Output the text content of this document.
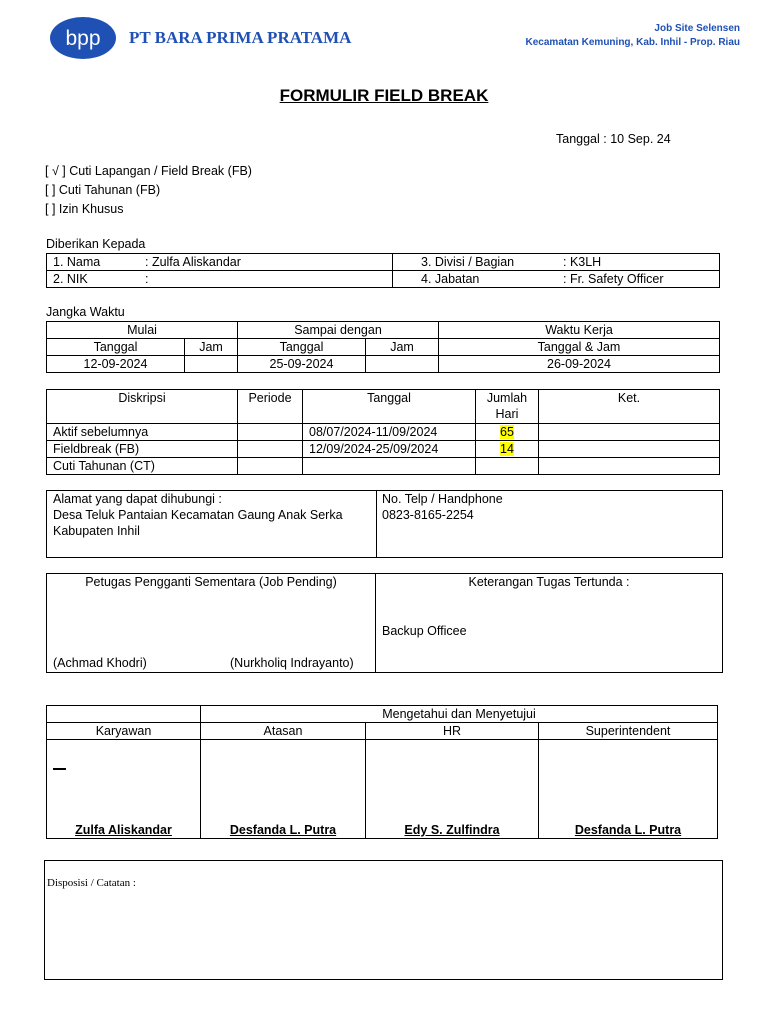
bpp PT BARA PRIMA PRATAMA	Job Site Selensen
Kecamatan Kemuning, Kab. Inhil - Prop. Riau
FORMULIR FIELD BREAK
Tanggal : 10 Sep. 24
[ √ ] Cuti Lapangan / Field Break (FB)
[ ] Cuti Tahunan (FB)
[ ] Izin Khusus
Diberikan Kepada
1. Nama : Zulfa Aliskandar	3. Divisi / Bagian : K3LH
2. NIK :	4. Jabatan : Fr. Safety Officer
Jangka Waktu
Mulai		Sampai dengan		Waktu Kerja
Tanggal	Jam	Tanggal	Jam	Tanggal & Jam
12-09-2024		25-09-2024		26-09-2024
Diskripsi	Periode	Tanggal	Jumlah Hari	Ket.
Aktif sebelumnya		08/07/2024-11/09/2024	65	
Fieldbreak (FB)		12/09/2024-25/09/2024	14	
Cuti Tahunan (CT)				
Alamat yang dapat dihubungi :
Desa Teluk Pantaian Kecamatan Gaung Anak Serka
Kabupaten Inhil
No. Telp / Handphone
0823-8165-2254
Petugas Pengganti Sementara (Job Pending)
(Achmad Khodri)	(Nurkholiq Indrayanto)
Keterangan Tugas Tertunda :
Backup Officee
	Mengetahui dan Menyetujui		
Karyawan	Atasan	HR	Superintendent

Zulfa Aliskandar	Desfanda L. Putra	Edy S. Zulfindra	Desfanda L. Putra
Disposisi / Catatan :
